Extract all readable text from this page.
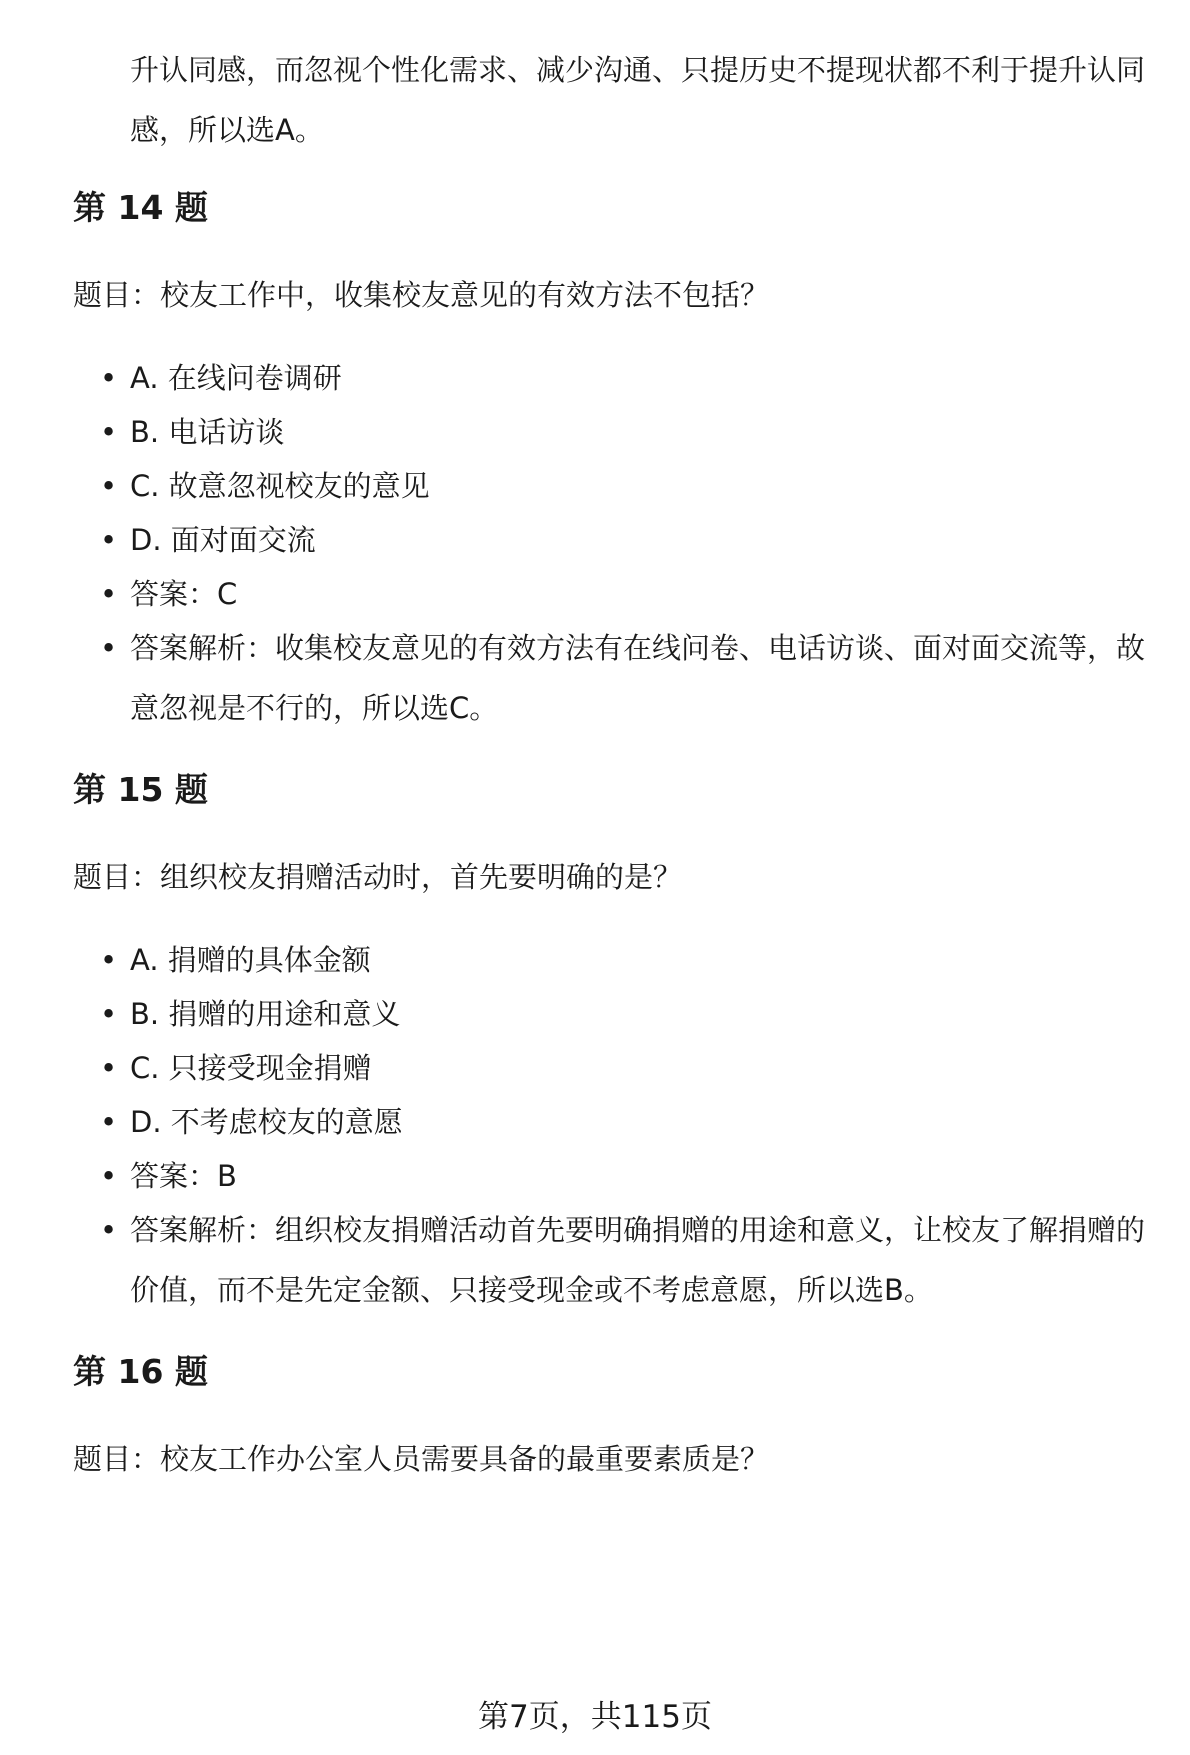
升认同感，而忽视个性化需求、减少沟通、只提历史不提现状都不利于提升认同感，所以选A。
第 14 题
题目：校友工作中，收集校友意见的有效方法不包括？
• A. 在线问卷调研
• B. 电话访谈
• C. 故意忽视校友的意见
• D. 面对面交流
• 答案：C
• 答案解析：收集校友意见的有效方法有在线问卷、电话访谈、面对面交流等，故意忽视是不行的，所以选C。
第 15 题
题目：组织校友捐赠活动时，首先要明确的是？
• A. 捐赠的具体金额
• B. 捐赠的用途和意义
• C. 只接受现金捐赠
• D. 不考虑校友的意愿
• 答案：B
• 答案解析：组织校友捐赠活动首先要明确捐赠的用途和意义，让校友了解捐赠的价值，而不是先定金额、只接受现金或不考虑意愿，所以选B。
第 16 题
题目：校友工作办公室人员需要具备的最重要素质是？
第7页，共115页
